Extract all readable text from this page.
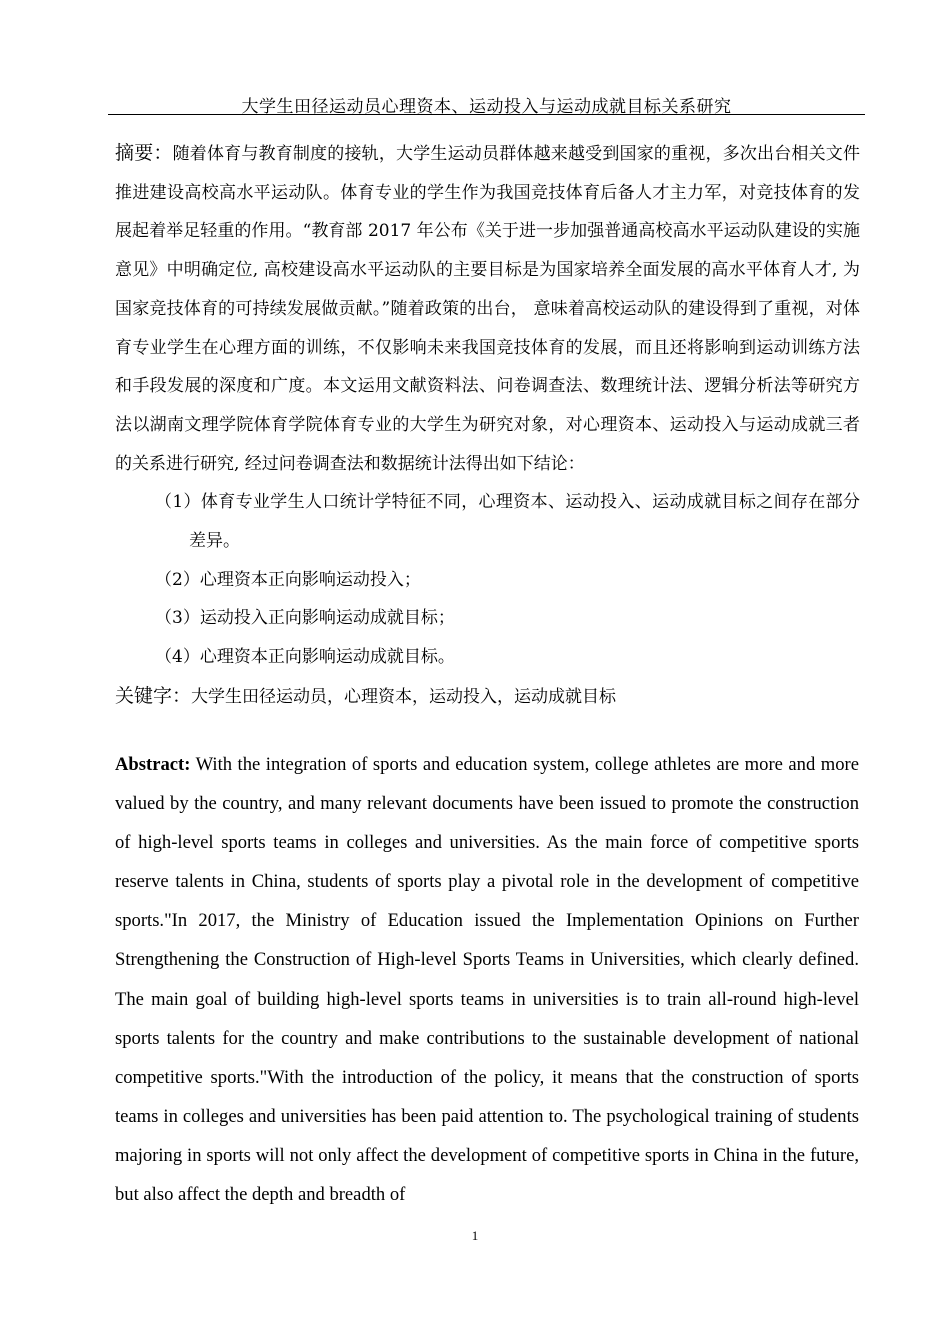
大学生田径运动员心理资本、运动投入与运动成就目标关系研究

摘要：随着体育与教育制度的接轨，大学生运动员群体越来越受到国家的重视，多次出台相关文件推进建设高校高水平运动队。体育专业的学生作为我国竞技体育后备人才主力军，对竞技体育的发展起着举足轻重的作用。“教育部 2017 年公布《关于进一步加强普通高校高水平运动队建设的实施意见》中明确定位, 高校建设高水平运动队的主要目标是为国家培养全面发展的高水平体育人才, 为国家竞技体育的可持续发展做贡献。”随着政策的出台， 意味着高校运动队的建设得到了重视，对体育专业学生在心理方面的训练，不仅影响未来我国竞技体育的发展，而且还将影响到运动训练方法和手段发展的深度和广度。本文运用文献资料法、问卷调查法、数理统计法、逻辑分析法等研究方法以湖南文理学院体育学院体育专业的大学生为研究对象，对心理资本、运动投入与运动成就三者的关系进行研究, 经过问卷调查法和数据统计法得出如下结论：

（1）体育专业学生人口统计学特征不同，心理资本、运动投入、运动成就目标之间存在部分差异。
（2）心理资本正向影响运动投入；
（3）运动投入正向影响运动成就目标；
（4）心理资本正向影响运动成就目标。

关键字：大学生田径运动员，心理资本，运动投入，运动成就目标

Abstract: With the integration of sports and education system, college athletes are more and more valued by the country, and many relevant documents have been issued to promote the construction of high-level sports teams in colleges and universities. As the main force of competitive sports reserve talents in China, students of sports play a pivotal role in the development of competitive sports."In 2017, the Ministry of Education issued the Implementation Opinions on Further Strengthening the Construction of High-level Sports Teams in Universities, which clearly defined. The main goal of building high-level sports teams in universities is to train all-round high-level sports talents for the country and make contributions to the sustainable development of national competitive sports."With the introduction of the policy, it means that the construction of sports teams in colleges and universities has been paid attention to. The psychological training of students majoring in sports will not only affect the development of competitive sports in China in the future, but also affect the depth and breadth of
1
